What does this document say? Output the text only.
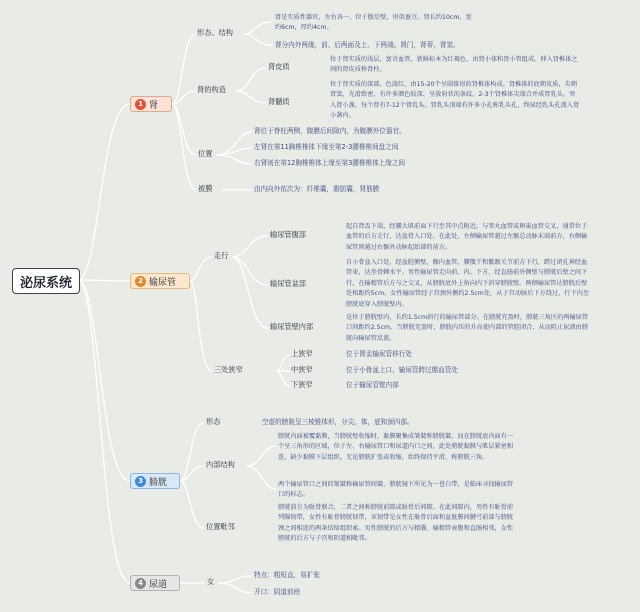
泌尿系统
1 肾
形态、结构
肾是实质性器官，左右各一，位于腹后壁，形似蚕豆。肾长约10cm，宽约6cm，厚约4cm。
肾分内外两缘，前、后两面及上、下两端。肾门，肾蒂，肾窦。
肾的构造
肾皮质
位于肾实质的浅层，富含血管，新鲜标本为红褐色，由肾小体和肾小管组成。伸入肾椎体之间的肾皮质称肾柱。
肾髓质
位于肾实质的深部，色淡红，由15-20个呈圆锥形的肾椎体构成。肾椎体的底朝皮质，尖朝肾窦，光滑致密，有许多颜色较深、呈放射状的条纹。2-3个肾椎体尖端合并成肾乳头，突入肾小盏，每个肾有7-12个肾乳头。肾乳头顶端有许多小孔称乳头孔，终尿经乳头孔流入肾小盏内。
位置
肾位于脊柱两侧，腹膜后间隙内，为腹膜外位器官。
左肾在第11胸椎椎体下缘至第2-3腰椎椎间盘之间
右肾则在第12胸椎椎体上缘至第3腰椎椎体上缘之间
被膜	由内向外依次为：纤维囊，脂肪囊，肾筋膜
2 输尿管
走行
输尿管腹部
起自肾盂下端，经腰大肌前面下行至其中点附近，与睾丸血管或卵巢血管交叉，通常位于血管的后方走行，达盆骨入口处。在此处，左侧输尿管越过左髂总动脉末端前方，右侧输尿管则越过右髂外动脉起始部的前方。
输尿管盆部
自小骨盆入口处，经盆腔侧壁，髂内血管，腰骶干和骶髂关节前方下行，跨过闭孔神经血管束，达坐骨棘水平。男性输尿管走向前、内、下方，经直肠前外侧壁与膀胱后壁之间下行，在输精管后方与之交叉，从膀胱底外上角向内下斜穿膀胱壁。两侧输尿管达膀胱后壁处相距约5cm。女性输尿管经子宫颈外侧约2.5cm处，从子宫动脉后下方绕过，行下内至膀胱底穿入膀胱壁内。
输尿管壁内部
是位于膀胱壁内，长约1.5cm斜行的输尿管部分。在膀胱充盈时，膀胱三角区的两输尿管口间距约2.5cm。当膀胱充盈时，膀胱内压的升高使内部的管腔闭合，从而阻止尿液由膀胱向输尿管反流。
三处狭窄
上狭窄	位于肾盂输尿管移行处
中狭窄	位于小骨盆上口，输尿管跨过髂血管处
下狭窄	位于输尿管壁内部
3 膀胱
形态	空虚的膀胱呈三棱锥体形，分尖，体，底和颈四部。
内部结构
膀胱内面被覆黏膜，当膀胱壁收缩时，黏膜聚集成皱襞称膀胱襞。而在膀胱底内面有一个呈三角形的区域，位于左、右输尿管口和尿道内口之间，此处膀胱黏膜与肌层紧密相连，缺少黏膜下层组织，无论膀胱扩张或收缩，始终保持平滑，称膀胱三角。
两个输尿管口之间的皱襞称输尿管间襞，膀胱镜下所见为一苍白带，是临床寻找输尿管口的标志。
位置毗邻
膀胱前方为耻骨联合，二者之间称膀胱前隙或耻骨后间隙。在此间隙内，男性有耻骨前列腺韧带，女性有耻骨膀胱韧带，该韧带是女性在耻骨后面和盆脏膜间腱弓前部与膀胱颈之间相连的两条结缔组织索。男性膀胱的后方与精囊、输精管壶腹和直肠相邻，女性膀胱的后方与子宫和阴道相毗邻。
4 尿道	女
特点：粗短直，易扩张
开口：阴道前庭
